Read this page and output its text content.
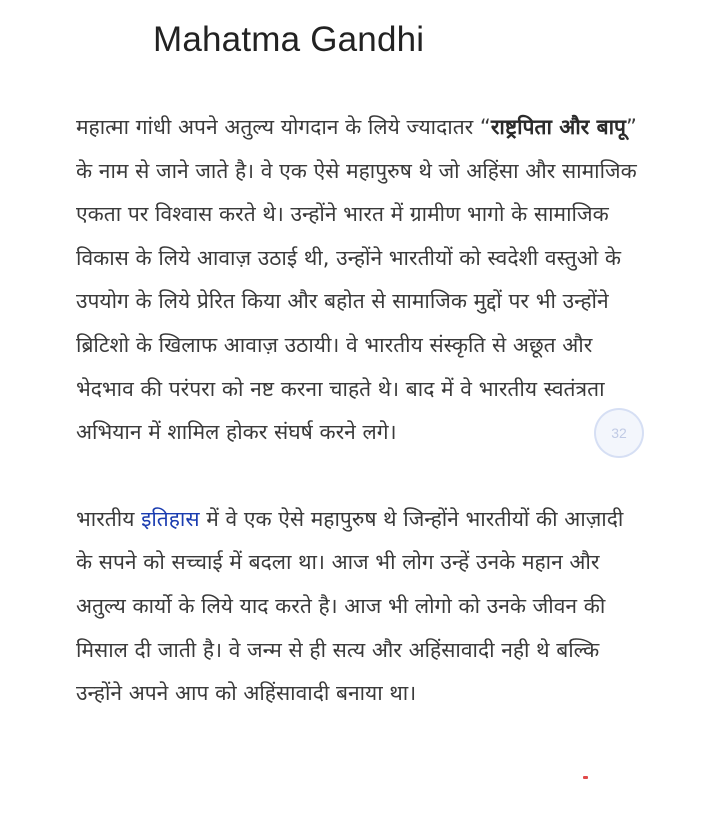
Mahatma Gandhi

महात्मा गांधी अपने अतुल्य योगदान के लिये ज्यादातर “राष्ट्रपिता और बापू” के नाम से जाने जाते है। वे एक ऐसे महापुरुष थे जो अहिंसा और सामाजिक एकता पर विश्वास करते थे। उन्होंने भारत में ग्रामीण भागो के सामाजिक विकास के लिये आवाज़ उठाई थी, उन्होंने भारतीयों को स्वदेशी वस्तुओ के उपयोग के लिये प्रेरित किया और बहोत से सामाजिक मुद्दों पर भी उन्होंने ब्रिटिशो के खिलाफ आवाज़ उठायी। वे भारतीय संस्कृति से अछूत और भेदभाव की परंपरा को नष्ट करना चाहते थे। बाद में वे भारतीय स्वतंत्रता अभियान में शामिल होकर संघर्ष करने लगे।

भारतीय इतिहास में वे एक ऐसे महापुरुष थे जिन्होंने भारतीयों की आज़ादी के सपने को सच्चाई में बदला था। आज भी लोग उन्हें उनके महान और अतुल्य कार्यो के लिये याद करते है। आज भी लोगो को उनके जीवन की मिसाल दी जाती है। वे जन्म से ही सत्य और अहिंसावादी नही थे बल्कि उन्होंने अपने आप को अहिंसावादी बनाया था।

32
